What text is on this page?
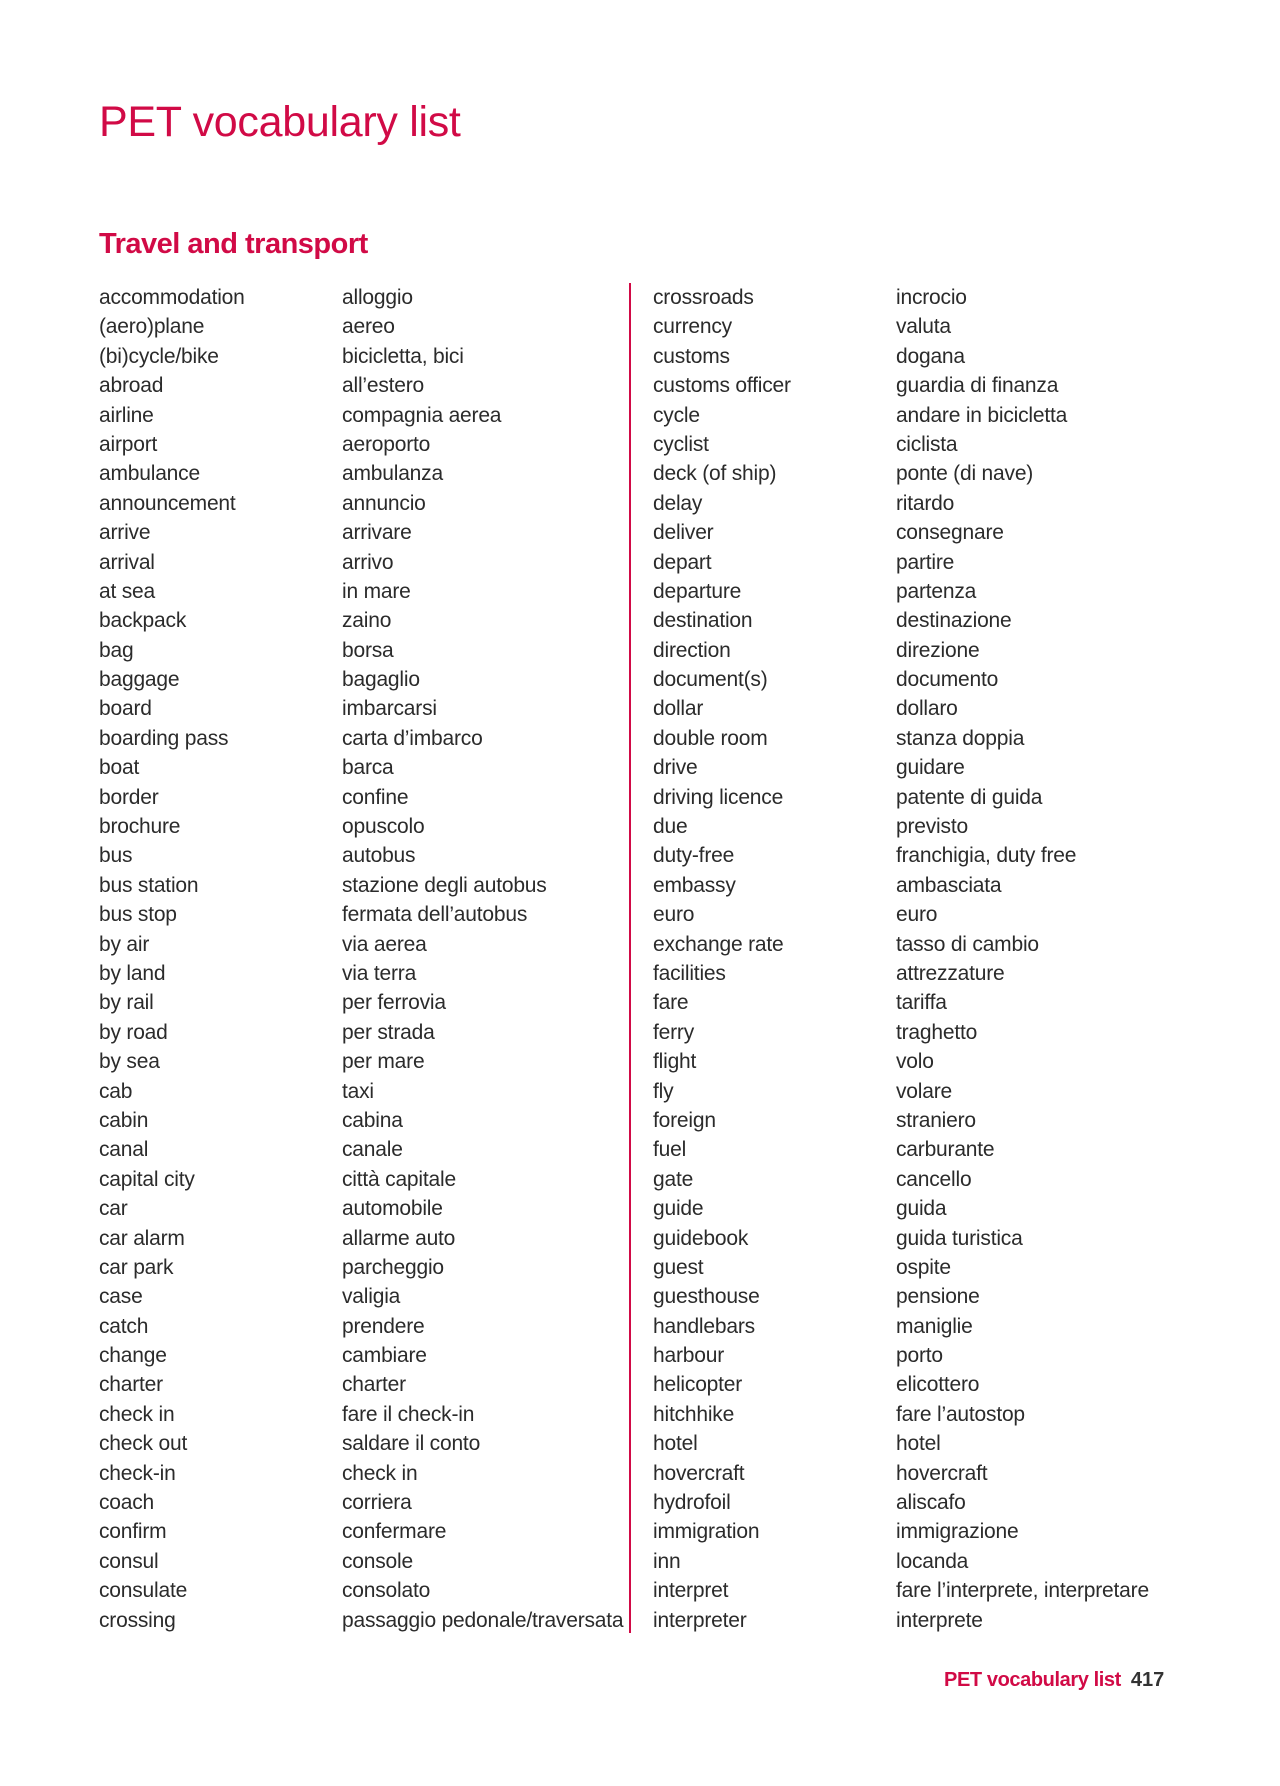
PET vocabulary list
Travel and transport
accommodation
(aero)plane
(bi)cycle/bike
abroad
airline
airport
ambulance
announcement
arrive
arrival
at sea
backpack
bag
baggage
board
boarding pass
boat
border
brochure
bus
bus station
bus stop
by air
by land
by rail
by road
by sea
cab
cabin
canal
capital city
car
car alarm
car park
case
catch
change
charter
check in
check out
check-in
coach
confirm
consul
consulate
crossing
alloggio
aereo
bicicletta, bici
all’estero
compagnia aerea
aeroporto
ambulanza
annuncio
arrivare
arrivo
in mare
zaino
borsa
bagaglio
imbarcarsi
carta d’imbarco
barca
confine
opuscolo
autobus
stazione degli autobus
fermata dell’autobus
via aerea
via terra
per ferrovia
per strada
per mare
taxi
cabina
canale
città capitale
automobile
allarme auto
parcheggio
valigia
prendere
cambiare
charter
fare il check-in
saldare il conto
check in
corriera
confermare
console
consolato
passaggio pedonale/traversata
crossroads
currency
customs
customs officer
cycle
cyclist
deck (of ship)
delay
deliver
depart
departure
destination
direction
document(s)
dollar
double room
drive
driving licence
due
duty-free
embassy
euro
exchange rate
facilities
fare
ferry
flight
fly
foreign
fuel
gate
guide
guidebook
guest
guesthouse
handlebars
harbour
helicopter
hitchhike
hotel
hovercraft
hydrofoil
immigration
inn
interpret
interpreter
incrocio
valuta
dogana
guardia di finanza
andare in bicicletta
ciclista
ponte (di nave)
ritardo
consegnare
partire
partenza
destinazione
direzione
documento
dollaro
stanza doppia
guidare
patente di guida
previsto
franchigia, duty free
ambasciata
euro
tasso di cambio
attrezzature
tariffa
traghetto
volo
volare
straniero
carburante
cancello
guida
guida turistica
ospite
pensione
maniglie
porto
elicottero
fare l’autostop
hotel
hovercraft
aliscafo
immigrazione
locanda
fare l’interprete, interpretare
interprete
PET vocabulary list 417
